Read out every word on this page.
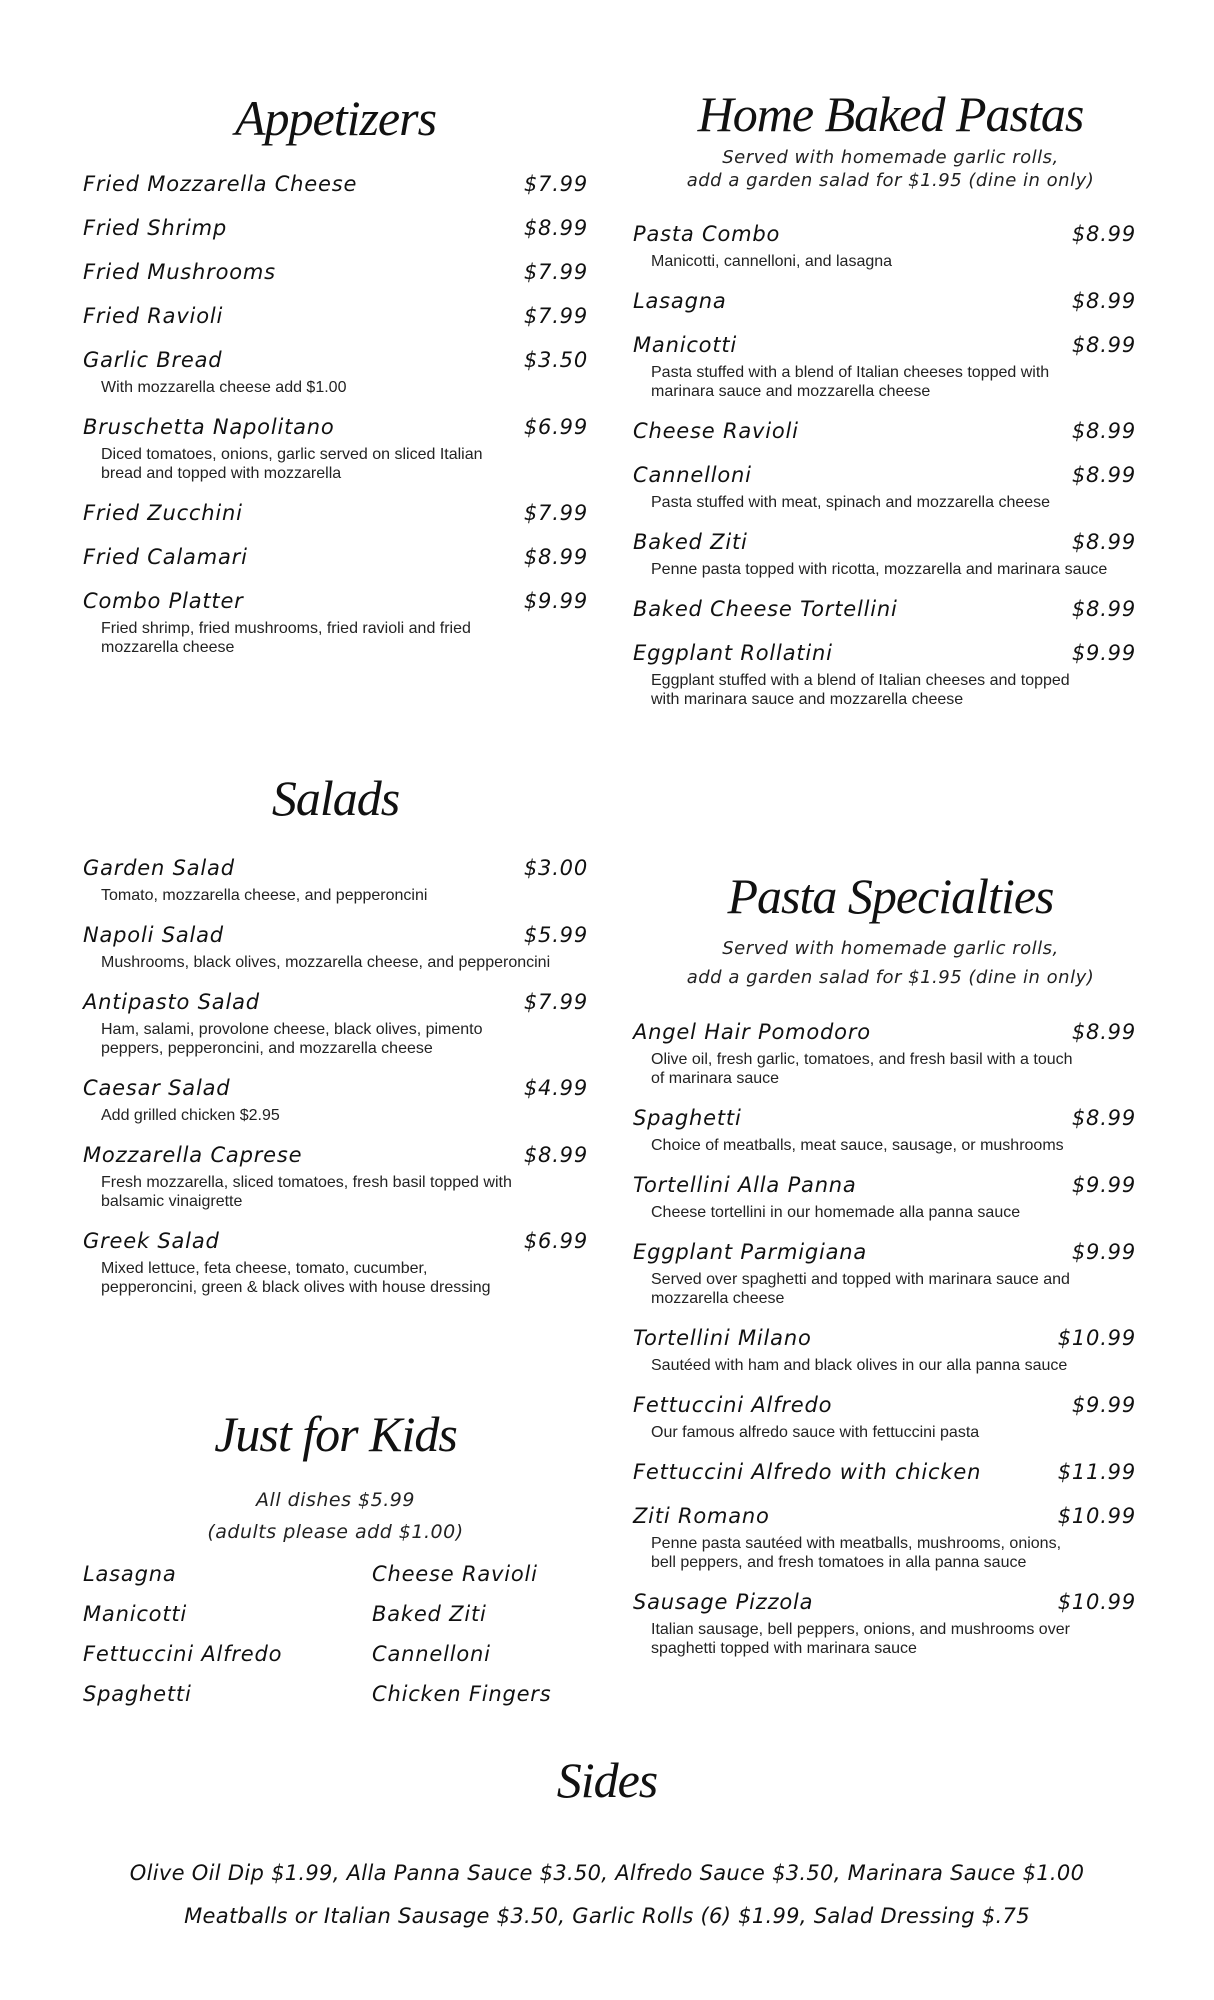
Appetizers
Fried Mozzarella Cheese	$7.99
Fried Shrimp	$8.99
Fried Mushrooms	$7.99
Fried Ravioli	$7.99
Garlic Bread	$3.50
With mozzarella cheese add $1.00
Bruschetta Napolitano	$6.99
Diced tomatoes, onions, garlic served on sliced Italian
bread and topped with mozzarella
Fried Zucchini	$7.99
Fried Calamari	$8.99
Combo Platter	$9.99
Fried shrimp, fried mushrooms, fried ravioli and fried
mozzarella cheese
Salads
Garden Salad	$3.00
Tomato, mozzarella cheese, and pepperoncini
Napoli Salad	$5.99
Mushrooms, black olives, mozzarella cheese, and pepperoncini
Antipasto Salad	$7.99
Ham, salami, provolone cheese, black olives, pimento
peppers, pepperoncini, and mozzarella cheese
Caesar Salad	$4.99
Add grilled chicken $2.95
Mozzarella Caprese	$8.99
Fresh mozzarella, sliced tomatoes, fresh basil topped with
balsamic vinaigrette
Greek Salad	$6.99
Mixed lettuce, feta cheese, tomato, cucumber,
pepperoncini, green & black olives with house dressing
Just for Kids
All dishes $5.99
(adults please add $1.00)
Lasagna	Cheese Ravioli
Manicotti	Baked Ziti
Fettuccini Alfredo	Cannelloni
Spaghetti	Chicken Fingers
Home Baked Pastas
Served with homemade garlic rolls,
add a garden salad for $1.95 (dine in only)
Pasta Combo	$8.99
Manicotti, cannelloni, and lasagna
Lasagna	$8.99
Manicotti	$8.99
Pasta stuffed with a blend of Italian cheeses topped with
marinara sauce and mozzarella cheese
Cheese Ravioli	$8.99
Cannelloni	$8.99
Pasta stuffed with meat, spinach and mozzarella cheese
Baked Ziti	$8.99
Penne pasta topped with ricotta, mozzarella and marinara sauce
Baked Cheese Tortellini	$8.99
Eggplant Rollatini	$9.99
Eggplant stuffed with a blend of Italian cheeses and topped
with marinara sauce and mozzarella cheese
Pasta Specialties
Served with homemade garlic rolls,
add a garden salad for $1.95 (dine in only)
Angel Hair Pomodoro	$8.99
Olive oil, fresh garlic, tomatoes, and fresh basil with a touch
of marinara sauce
Spaghetti	$8.99
Choice of meatballs, meat sauce, sausage, or mushrooms
Tortellini Alla Panna	$9.99
Cheese tortellini in our homemade alla panna sauce
Eggplant Parmigiana	$9.99
Served over spaghetti and topped with marinara sauce and
mozzarella cheese
Tortellini Milano	$10.99
Sautéed with ham and black olives in our alla panna sauce
Fettuccini Alfredo	$9.99
Our famous alfredo sauce with fettuccini pasta
Fettuccini Alfredo with chicken	$11.99
Ziti Romano	$10.99
Penne pasta sautéed with meatballs, mushrooms, onions,
bell peppers, and fresh tomatoes in alla panna sauce
Sausage Pizzola	$10.99
Italian sausage, bell peppers, onions, and mushrooms over
spaghetti topped with marinara sauce
Sides
Olive Oil Dip $1.99, Alla Panna Sauce $3.50, Alfredo Sauce $3.50, Marinara Sauce $1.00
Meatballs or Italian Sausage $3.50, Garlic Rolls (6) $1.99, Salad Dressing $.75
